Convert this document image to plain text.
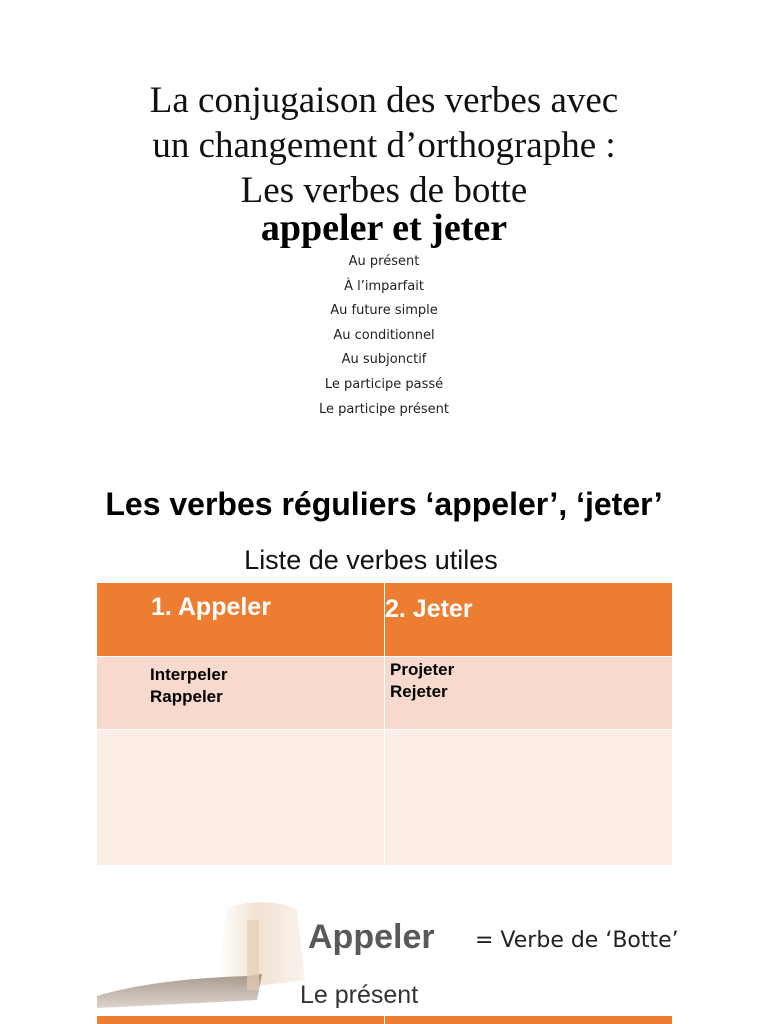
La conjugaison des verbes avec
un changement d’orthographe :
Les verbes de botte
appeler et jeter
Au présent
À l’imparfait
Au future simple
Au conditionnel
Au subjonctif
Le participe passé
Le participe présent
Les verbes réguliers ‘appeler’, ‘jeter’
Liste de verbes utiles
1. Appeler	2. Jeter
Interpeler
Rappeler
Projeter
Rejeter
Appeler = Verbe de ‘Botte’
Le présent
